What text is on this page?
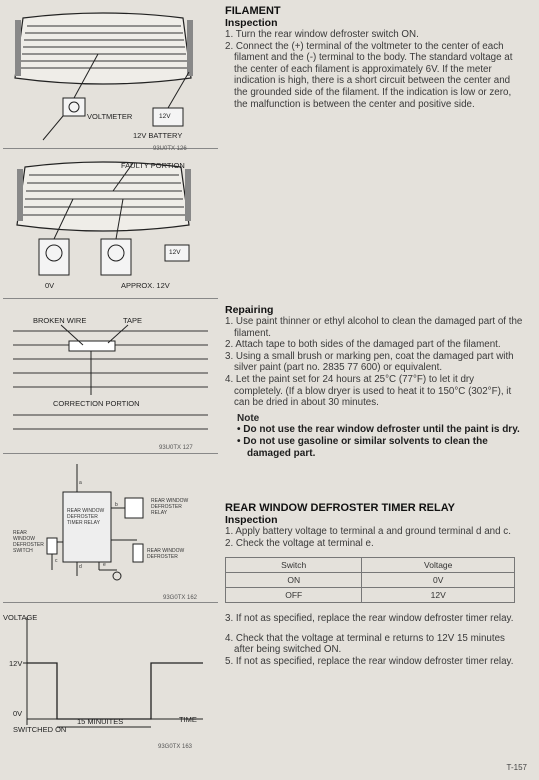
VOLTMETER	12V
12V BATTERY
93U0TX 126
FAULTY PORTION
12V
0V	APPROX. 12V
BROKEN WIRE	TAPE
CORRECTION PORTION
93U0TX 127
REAR WINDOW DEFROSTER TIMER RELAY
REAR WINDOW DEFROSTER RELAY
REAR WINDOW DEFROSTER
REAR WINDOW DEFROSTER SWITCH
a
b
c
d	e
93G0TX 162
VOLTAGE
12V
0V
TIME
SWITCHED ON
15 MINUITES
93G0TX 163
FILAMENT
Inspection
1. Turn the rear window defroster switch ON.
2. Connect the (+) terminal of the voltmeter to the center of each filament and the (-) terminal to the body. The standard voltage at the center of each filament is approximately 6V. If the meter indication is high, there is a short circuit between the center and the grounded side of the filament. If the indication is low or zero, the malfunction is between the center and positive side.
Repairing
1. Use paint thinner or ethyl alcohol to clean the damaged part of the filament.
2. Attach tape to both sides of the damaged part of the filament.
3. Using a small brush or marking pen, coat the damaged part with silver paint (part no. 2835 77 600) or equivalent.
4. Let the paint set for 24 hours at 25°C (77°F) to let it dry completely. (If a blow dryer is used to heat it to 150°C (302°F), it can be dried in about 30 minutes.
Note

• Do not use the rear window defroster until the paint is dry.

• Do not use gasoline or similar solvents to clean the damaged part.

REAR WINDOW DEFROSTER TIMER RELAY
Inspection
1. Apply battery voltage to terminal a and ground terminal d and c.
2. Check the voltage at terminal e.
Switch	Voltage
ON	0V
OFF	12V
3. If not as specified, replace the rear window defroster timer relay.
4. Check that the voltage at terminal e returns to 12V 15 minutes after being switched ON.
5. If not as specified, replace the rear window defroster timer relay.
T-157
